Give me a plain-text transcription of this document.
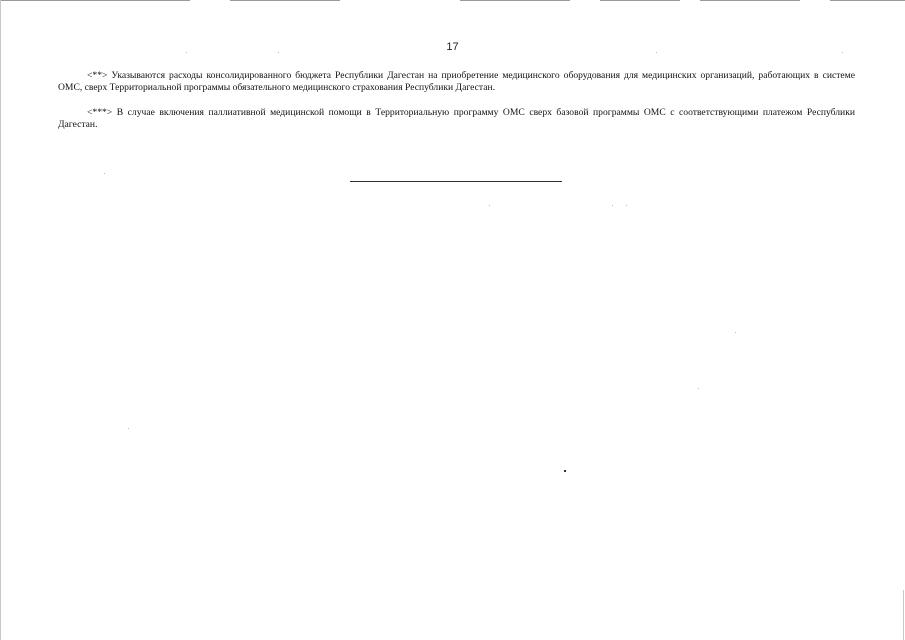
17

<**> Указываются расходы консолидированного бюджета Республики Дагестан на приобретение медицинского оборудования для медицинских организаций, работающих в системе ОМС, сверх Территориальной программы обязательного медицинского страхования Республики Дагестан.

<***> В случае включения паллиативной медицинской помощи в Территориальную программу ОМС сверх базовой программы ОМС с соответствующими платежом Республики Дагестан.
